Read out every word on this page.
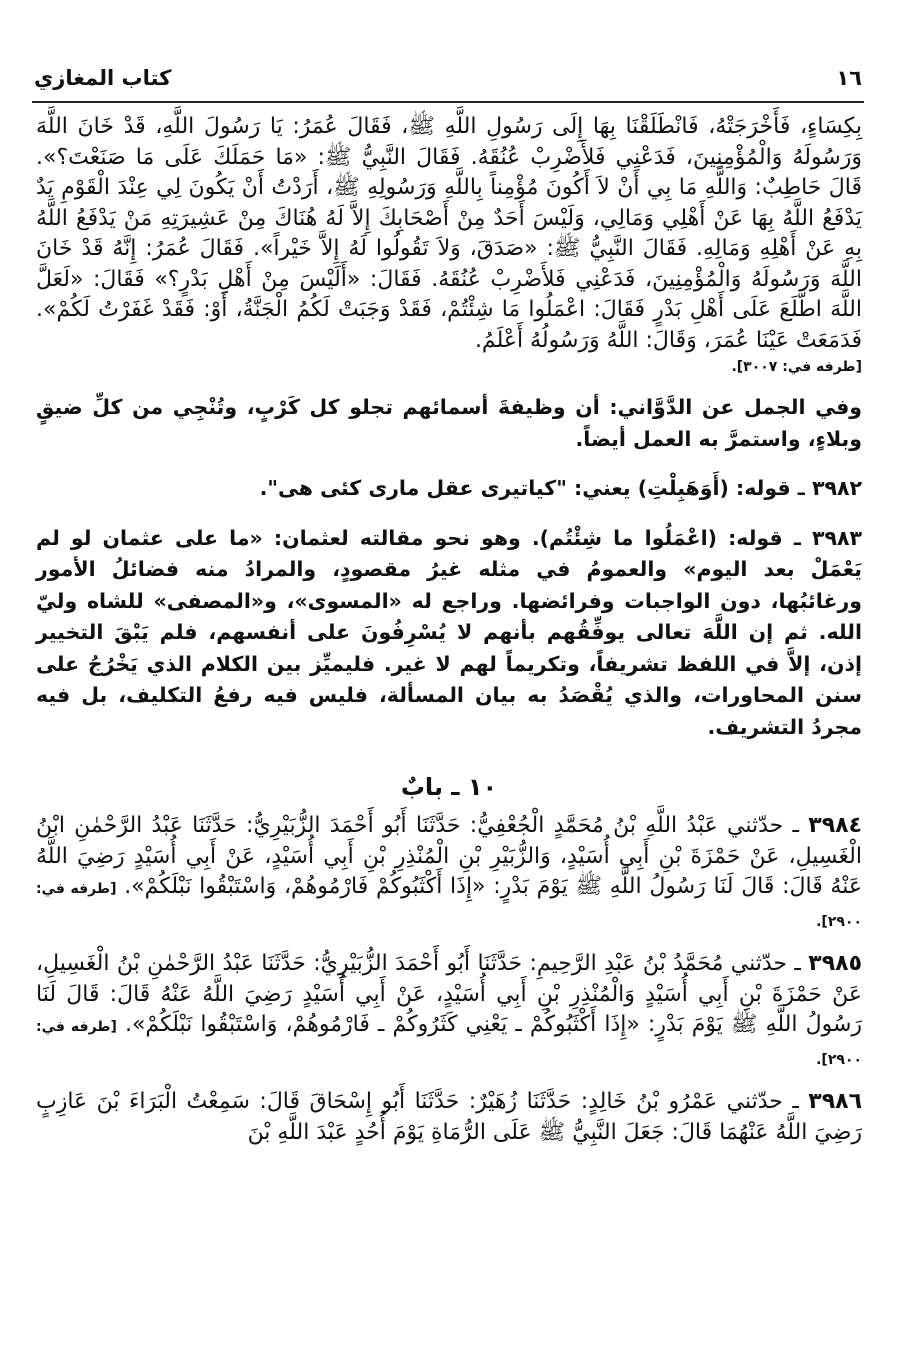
١٦
كتاب المغازي

بِكِسَاءٍ، فَأَخْرَجَتْهُ، فَانْطَلَقْنَا بِهَا إِلَى رَسُولِ اللَّهِ ﷺ، فَقَالَ عُمَرُ: يَا رَسُولَ اللَّهِ، قَدْ خَانَ اللَّهَ وَرَسُولَهُ وَالْمُؤْمِنِينَ، فَدَعْنِي فَلأَضْرِبْ عُنُقَهُ. فَقَالَ النَّبِيُّ ﷺ: «مَا حَمَلَكَ عَلَى مَا صَنَعْتَ؟». قَالَ حَاطِبٌ: وَاللَّهِ مَا بِي أَنْ لاَ أَكُونَ مُؤْمِناً بِاللَّهِ وَرَسُولِهِ ﷺ، أَرَدْتُ أَنْ يَكُونَ لِي عِنْدَ الْقَوْمِ يَدٌ يَدْفَعُ اللَّهُ بِهَا عَنْ أَهْلِي وَمَالِي، وَلَيْسَ أَحَدٌ مِنْ أَصْحَابِكَ إِلاَّ لَهُ هُنَاكَ مِنْ عَشِيرَتِهِ مَنْ يَدْفَعُ اللَّهُ بِهِ عَنْ أَهْلِهِ وَمَالِهِ. فَقَالَ النَّبِيُّ ﷺ: «صَدَقَ، وَلاَ تَقُولُوا لَهُ إِلاَّ خَيْراً». فَقَالَ عُمَرُ: إِنَّهُ قَدْ خَانَ اللَّهَ وَرَسُولَهُ وَالْمُؤْمِنِينَ، فَدَعْنِي فَلأَضْرِبْ عُنُقَهُ. فَقَالَ: «أَلَيْسَ مِنْ أَهْلِ بَدْرٍ؟» فَقَالَ: «لَعَلَّ اللَّهَ اطَّلَعَ عَلَى أَهْلِ بَدْرٍ فَقَالَ: اعْمَلُوا مَا شِئْتُمْ، فَقَدْ وَجَبَتْ لَكُمُ الْجَنَّةُ، أَوْ: فَقَدْ غَفَرْتُ لَكُمْ». فَدَمَعَتْ عَيْنَا عُمَرَ، وَقَالَ: اللَّهُ وَرَسُولُهُ أَعْلَمُ.

[طرفه في: ٣٠٠٧].

وفي الجمل عن الدَّوَّاني: أن وظيفةَ أسمائهم تجلو كل كَرْبٍ، وتُنْجِي من كلِّ ضيقٍ وبلاءٍ، واستمرَّ به العمل أيضاً.

٣٩٨٢ ـ قوله: (أَوَهَبِلْتِ) يعني: "كياتيرى عقل مارى كئى هى".

٣٩٨٣ ـ قوله: (اعْمَلُوا ما شِئْتُم). وهو نحو مقالته لعثمان: «ما على عثمان لو لم يَعْمَلْ بعد اليوم» والعمومُ في مثله غيرُ مقصودٍ، والمرادُ منه فضائلُ الأمور ورغائبُها، دون الواجبات وفرائضها. وراجع له «المسوى»، و«المصفى» للشاه وليّ الله. ثم إن اللَّهَ تعالى يوفِّقُهم بأنهم لا يُسْرِفُونَ على أنفسهم، فلم يَبْقَ التخيير إذن، إلاَّ في اللفظ تشريفاً، وتكريماً لهم لا غير. فليميِّز بين الكلام الذي يَخْرُجُ على سنن المحاورات، والذي يُقْصَدُ به بيان المسألة، فليس فيه رفعُ التكليف، بل فيه مجردُ التشريف.

١٠ ـ بابٌ

٣٩٨٤ ـ حدّثني عَبْدُ اللَّهِ بْنُ مُحَمَّدٍ الْجُعْفِيُّ: حَدَّثَنَا أَبُو أَحْمَدَ الزُّبَيْرِيُّ: حَدَّثَنَا عَبْدُ الرَّحْمٰنِ ابْنُ الْغَسِيلِ، عَنْ حَمْزَةَ بْنِ أَبِي أُسَيْدٍ، وَالزُّبَيْرِ بْنِ الْمُنْذِرِ بْنِ أَبِي أُسَيْدٍ، عَنْ أَبِي أُسَيْدٍ رَضِيَ اللَّهُ عَنْهُ قَالَ: قَالَ لَنَا رَسُولُ اللَّهِ ﷺ يَوْمَ بَدْرٍ: «إِذَا أَكْثَبُوكُمْ فَارْمُوهُمْ، وَاسْتَبْقُوا نَبْلَكُمْ». [طرفه في: ٢٩٠٠].

٣٩٨٥ ـ حدّثني مُحَمَّدُ بْنُ عَبْدِ الرَّحِيمِ: حَدَّثَنَا أَبُو أَحْمَدَ الزُّبَيْرِيُّ: حَدَّثَنَا عَبْدُ الرَّحْمٰنِ بْنُ الْغَسِيلِ، عَنْ حَمْزَةَ بْنِ أَبِي أُسَيْدٍ وَالْمُنْذِرِ بْنِ أَبِي أُسَيْدٍ، عَنْ أَبِي أُسَيْدٍ رَضِيَ اللَّهُ عَنْهُ قَالَ: قَالَ لَنَا رَسُولُ اللَّهِ ﷺ يَوْمَ بَدْرٍ: «إِذَا أَكْثَبُوكُمْ ـ يَعْنِي كَثَرُوكُمْ ـ فَارْمُوهُمْ، وَاسْتَبْقُوا نَبْلَكُمْ». [طرفه في: ٢٩٠٠].

٣٩٨٦ ـ حدّثني عَمْرُو بْنُ خَالِدٍ: حَدَّثَنَا زُهَيْرٌ: حَدَّثَنَا أَبُو إِسْحَاقَ قَالَ: سَمِعْتُ الْبَرَاءَ بْنَ عَازِبٍ رَضِيَ اللَّهُ عَنْهُمَا قَالَ: جَعَلَ النَّبِيُّ ﷺ عَلَى الرُّمَاةِ يَوْمَ أُحُدٍ عَبْدَ اللَّهِ بْنَ
